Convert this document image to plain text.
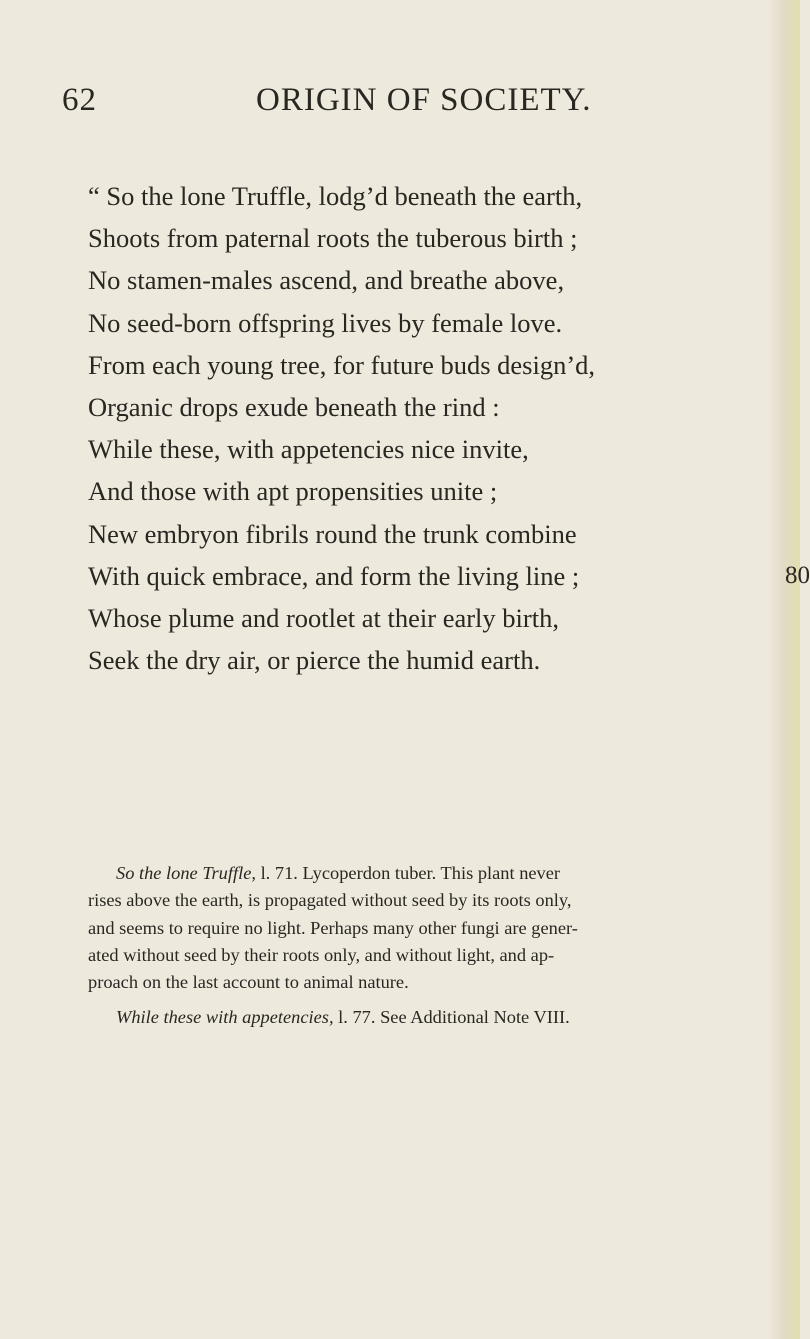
62	ORIGIN OF SOCIETY.
“ So the lone Truffle, lodg’d beneath the earth,
Shoots from paternal roots the tuberous birth ;
No stamen-males ascend, and breathe above,
No seed-born offspring lives by female love.
From each young tree, for future buds design’d,
Organic drops exude beneath the rind :
While these, with appetencies nice invite,
And those with apt propensities unite ;
New embryon fibrils round the trunk combine
With quick embrace, and form the living line ;	80
Whose plume and rootlet at their early birth,
Seek the dry air, or pierce the humid earth.
So the lone Truffle, l. 71. Lycoperdon tuber. This plant never
rises above the earth, is propagated without seed by its roots only,
and seems to require no light. Perhaps many other fungi are gener-
ated without seed by their roots only, and without light, and ap-
proach on the last account to animal nature.
While these with appetencies, l. 77. See Additional Note VIII.
